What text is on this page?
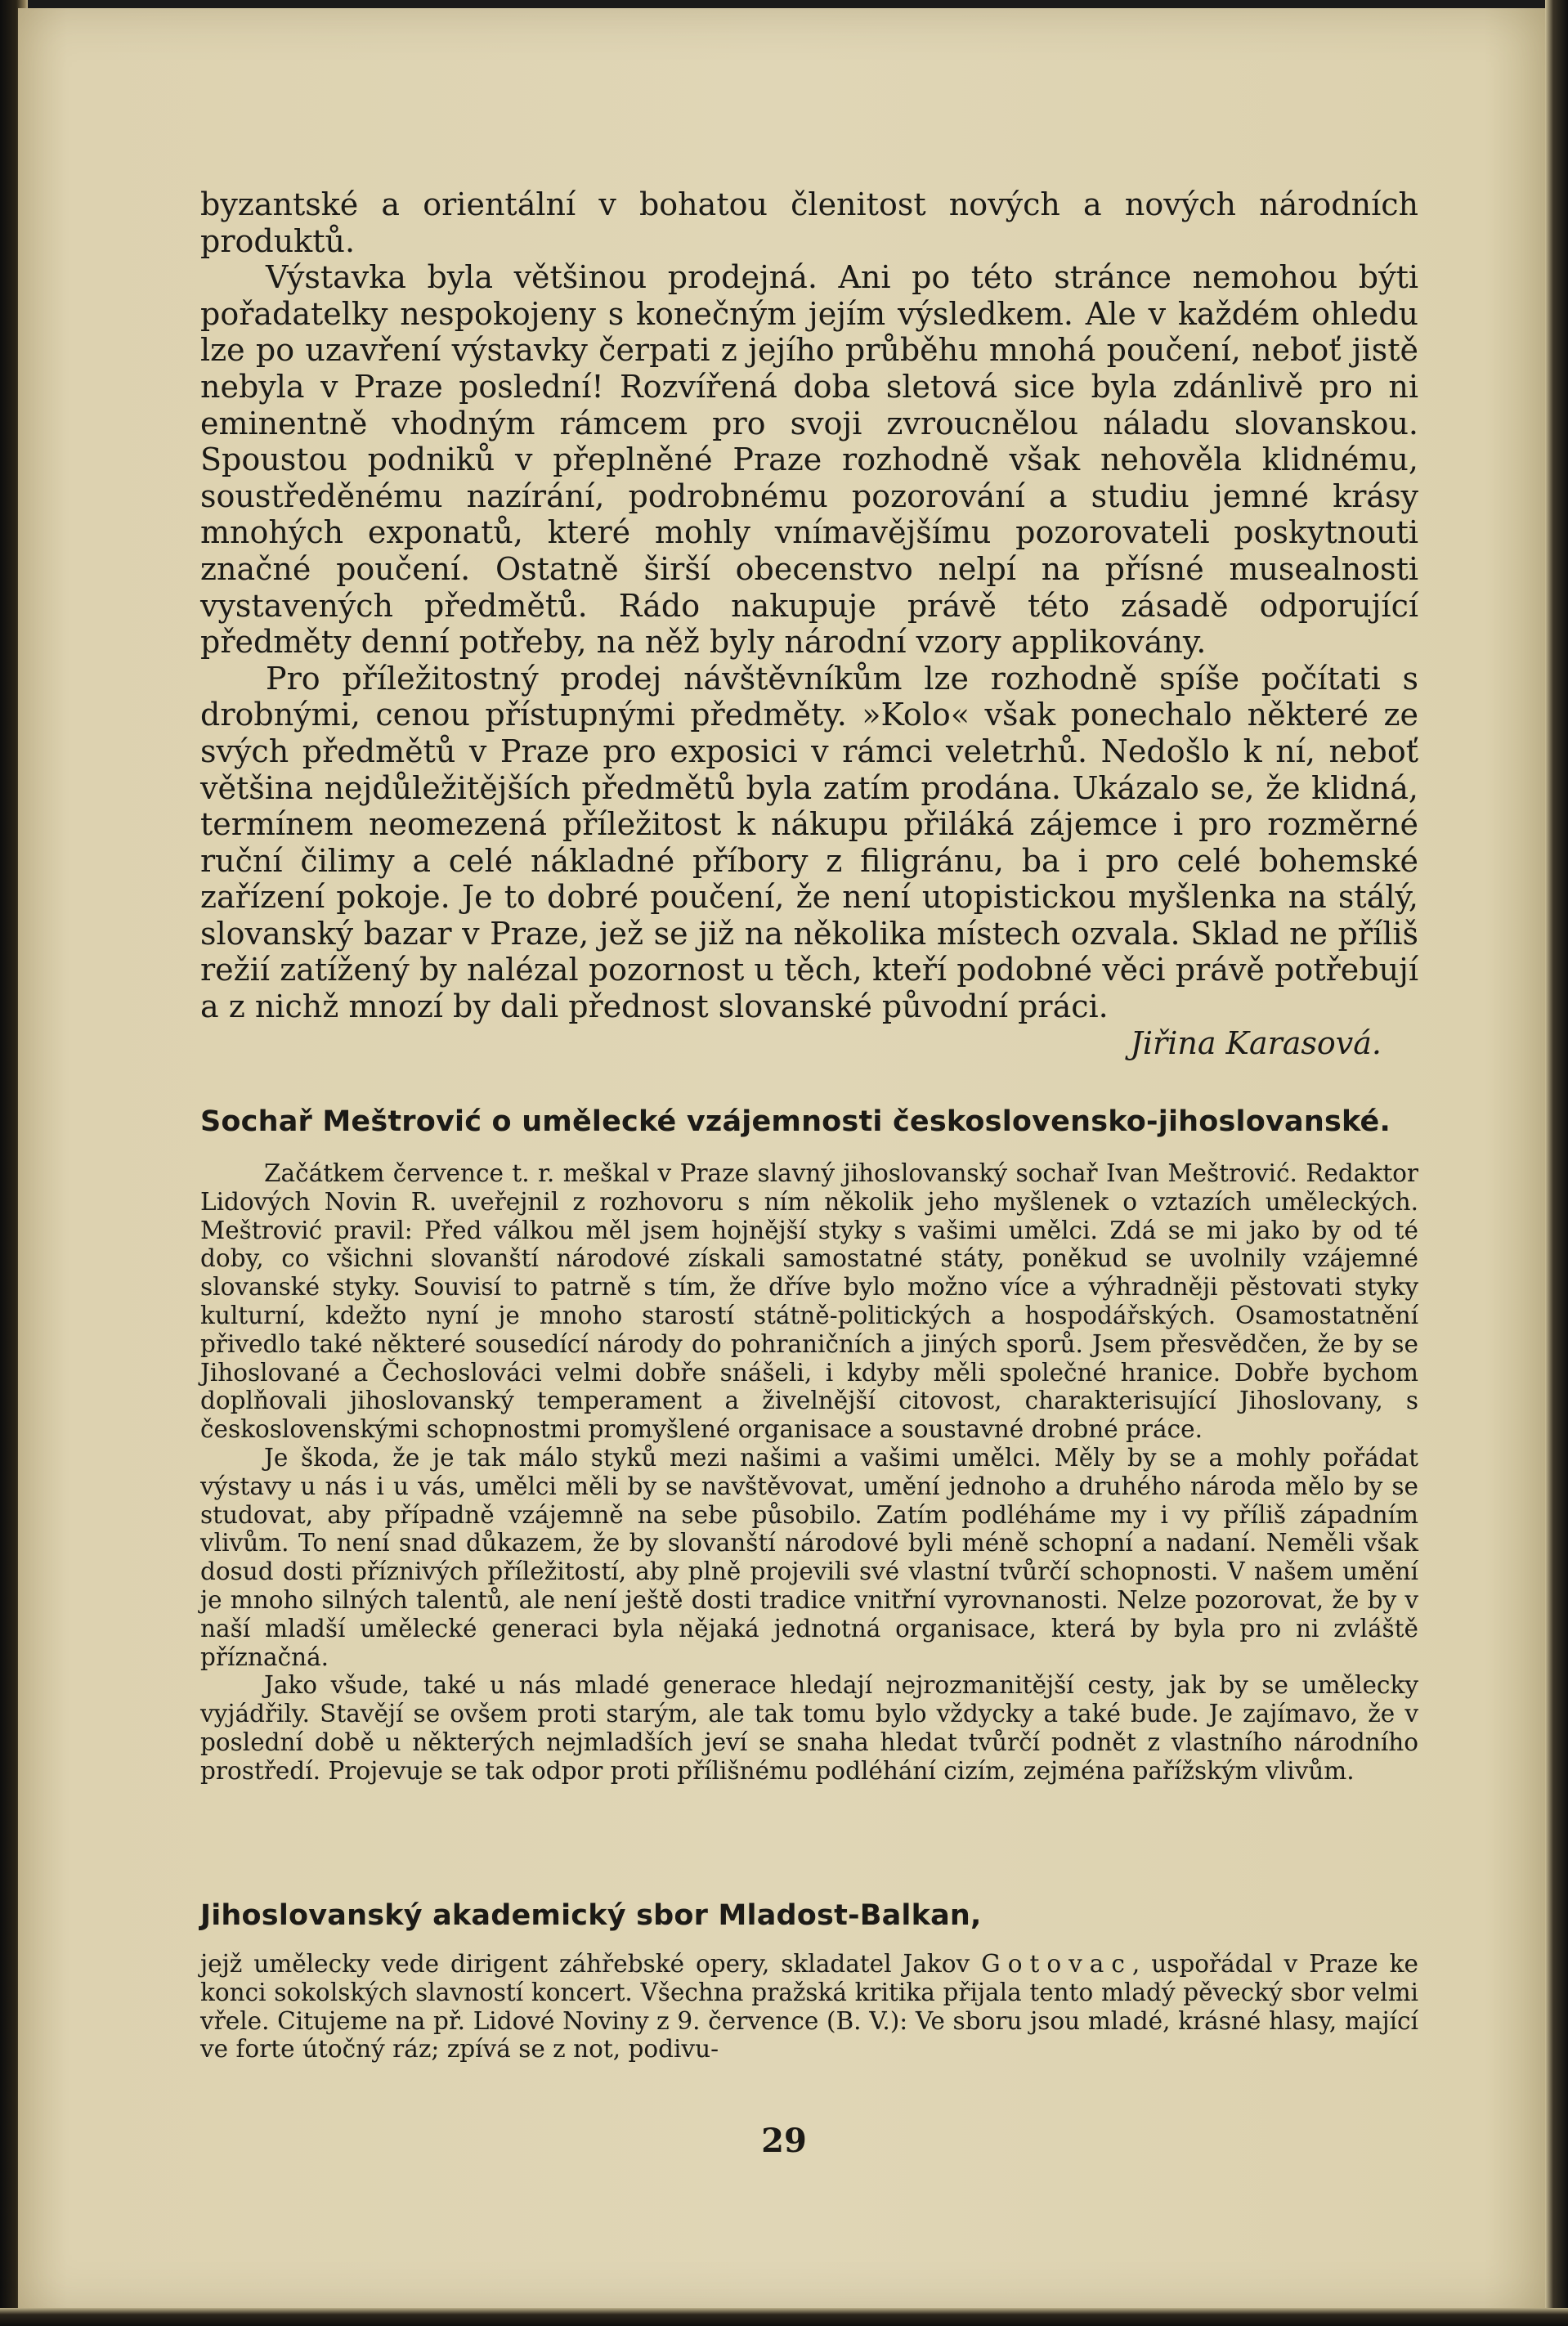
byzantské a orientální v bohatou členitost nových a nových národních produktů.

Výstavka byla většinou prodejná. Ani po této stránce nemohou býti pořadatelky nespokojeny s konečným jejím výsledkem. Ale v každém ohledu lze po uzavření výstavky čerpati z jejího průběhu mnohá poučení, neboť jistě nebyla v Praze poslední! Rozvířená doba sletová sice byla zdánlivě pro ni eminentně vhodným rámcem pro svoji zvroucnělou náladu slovanskou. Spoustou podniků v přeplněné Praze rozhodně však nehověla klidnému, soustředěnému nazírání, podrobnému pozorování a studiu jemné krásy mnohých exponatů, které mohly vnímavějšímu pozorovateli poskytnouti značné poučení. Ostatně širší obecenstvo nelpí na přísné musealnosti vystavených předmětů. Rádo nakupuje právě této zásadě odporující předměty denní potřeby, na něž byly národní vzory applikovány.

Pro příležitostný prodej návštěvníkům lze rozhodně spíše počítati s drobnými, cenou přístupnými předměty. »Kolo« však ponechalo některé ze svých předmětů v Praze pro exposici v rámci veletrhů. Nedošlo k ní, neboť většina nejdůležitějších předmětů byla zatím prodána. Ukázalo se, že klidná, termínem neomezená příležitost k nákupu přiláká zájemce i pro rozměrné ruční čilimy a celé nákladné příbory z filigránu, ba i pro celé bohemské zařízení pokoje. Je to dobré poučení, že není utopistickou myšlenka na stálý, slovanský bazar v Praze, jež se již na několika místech ozvala. Sklad ne příliš režií zatížený by nalézal pozornost u těch, kteří podobné věci právě potřebují a z nichž mnozí by dali přednost slovanské původní práci.

Jiřina Karasová.
Sochař Meštrović o umělecké vzájemnosti československo-jihoslovanské.

Začátkem července t. r. meškal v Praze slavný jihoslovanský sochař Ivan Meštrović. Redaktor Lidových Novin R. uveřejnil z rozhovoru s ním několik jeho myšlenek o vztazích uměleckých. Meštrović pravil: Před válkou měl jsem hojnější styky s vašimi umělci. Zdá se mi jako by od té doby, co všichni slovanští národové získali samostatné státy, poněkud se uvolnily vzájemné slovanské styky. Souvisí to patrně s tím, že dříve bylo možno více a výhradněji pěstovati styky kulturní, kdežto nyní je mnoho starostí státně-politických a hospodářských. Osamostatnění přivedlo také některé sousedící národy do pohraničních a jiných sporů. Jsem přesvědčen, že by se Jihoslované a Čechoslováci velmi dobře snášeli, i kdyby měli společné hranice. Dobře bychom doplňovali jihoslovanský temperament a živelnější citovost, charakterisující Jihoslovany, s československými schopnostmi promyšlené organisace a soustavné drobné práce.

Je škoda, že je tak málo styků mezi našimi a vašimi umělci. Měly by se a mohly pořádat výstavy u nás i u vás, umělci měli by se navštěvovat, umění jednoho a druhého národa mělo by se studovat, aby případně vzájemně na sebe působilo. Zatím podléháme my i vy příliš západním vlivům. To není snad důkazem, že by slovanští národové byli méně schopní a nadaní. Neměli však dosud dosti příznivých příležitostí, aby plně projevili své vlastní tvůrčí schopnosti. V našem umění je mnoho silných talentů, ale není ještě dosti tradice vnitřní vyrovnanosti. Nelze pozorovat, že by v naší mladší umělecké generaci byla nějaká jednotná organisace, která by byla pro ni zvláště příznačná.

Jako všude, také u nás mladé generace hledají nejrozmanitější cesty, jak by se umělecky vyjádřily. Stavějí se ovšem proti starým, ale tak tomu bylo vždycky a také bude. Je zajímavo, že v poslední době u některých nejmladších jeví se snaha hledat tvůrčí podnět z vlastního národního prostředí. Projevuje se tak odpor proti přílišnému podléhání cizím, zejména pařížským vlivům.

Jihoslovanský akademický sbor Mladost-Balkan,

jejž umělecky vede dirigent záhřebské opery, skladatel Jakov Gotovac, uspořádal v Praze ke konci sokolských slavností koncert. Všechna pražská kritika přijala tento mladý pěvecký sbor velmi vřele. Citujeme na př. Lidové Noviny z 9. července (B. V.): Ve sboru jsou mladé, krásné hlasy, mající ve forte útočný ráz; zpívá se z not, podivu-

29
